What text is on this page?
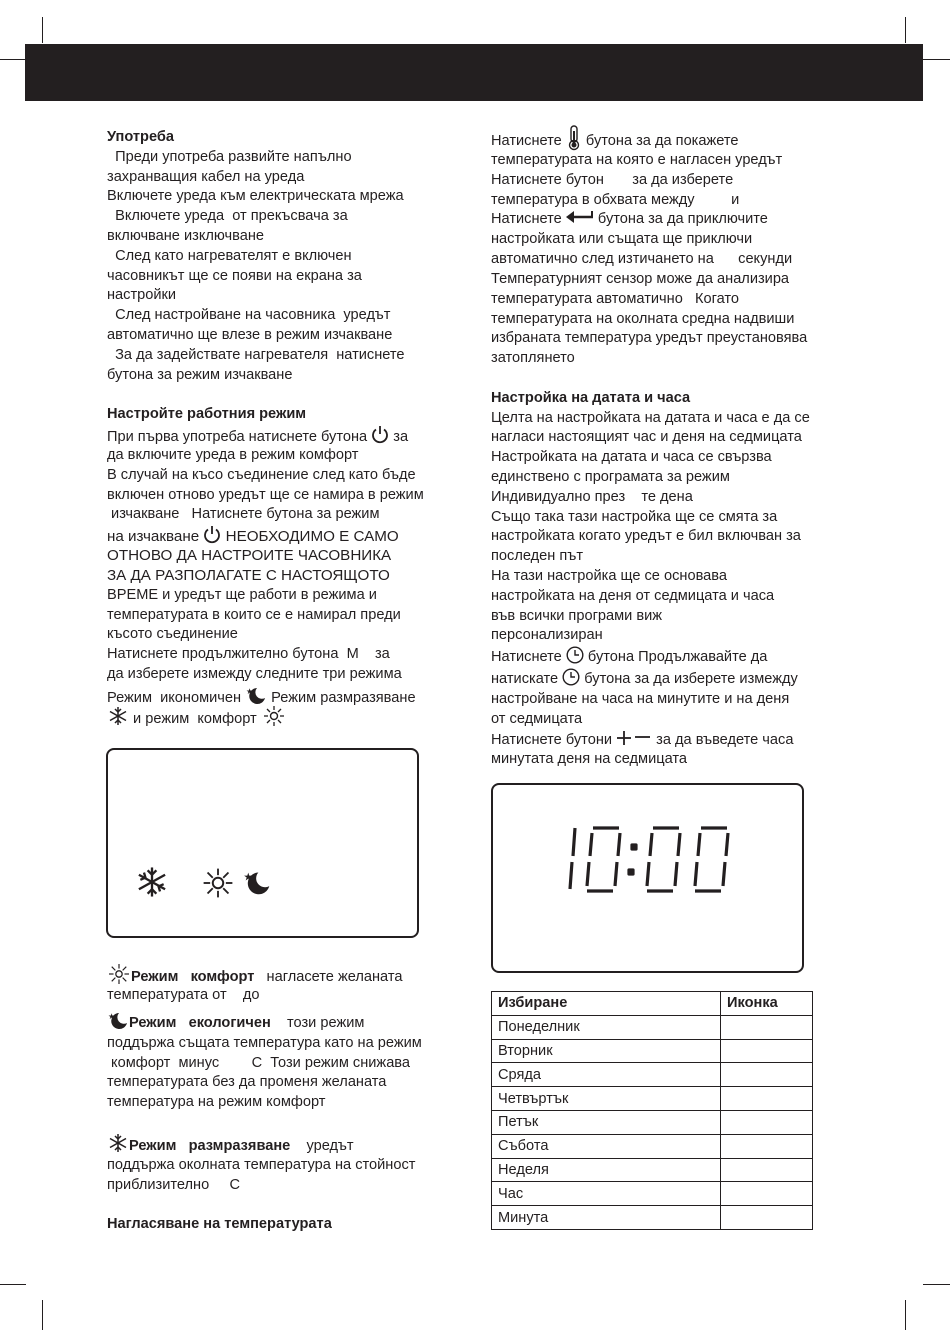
Употреба

Преди употреба развийте напълно

захранващия кабел на уреда

Включете уреда към електрическата мрежа

Включете уреда  от прекъсвача за

включване изключване

След като нагревателят е включен

часовникът ще се появи на екрана за

настройки

След настройване на часовника  уредът

автоматично ще влезе в режим изчакване

За да задействате нагревателя  натиснете

бутона за режим изчакване

Настройте работния режим

При първа употреба натиснете бутона  за

да включите уреда в режим комфорт

В случай на късо съединение след като бъде

включен отново уредът ще се намира в режим

изчакване   Натиснете бутона за режим

на изчакване  НЕОБХОДИМО Е САМО

ОТНОВО ДА НАСТРОИТЕ ЧАСОВНИКА

ЗА ДА РАЗПОЛАГАТЕ С НАСТОЯЩОТО

ВРЕМЕ и уредът ще работи в режима и

температурата в които се е намирал преди

късото съединение

Натиснете продължително бутона  M    за

да изберете измежду следните три режима

Режим  икономичен ★ Режим размразяване

и режим  комфорт

★

Режим   комфорт   нагласете желаната

температурата от    до

★ Режим   екологичен    този режим

поддържа същата температура като на режим

комфорт  минус        C  Този режим снижава

температурата без да променя желаната

температура на режим комфорт

Режим   размразяване    уредът

поддържа околната температура на стойност

приблизително     C

Нагласяване на температурата

Натиснете  бутона за да покажете

температурата на която е нагласен уредът

Натиснете бутон       за да изберете

температура в обхвата между         и

Натиснете  бутона за да приключите

настройката или същата ще приключи

автоматично след изтичането на      секунди

Температурният сензор може да анализира

температурата автоматично   Когато

температурата на околната средна надвиши

избраната температура уредът преустановява

затоплянето

Настройка на датата и часа

Целта на настройката на датата и часа е да се

нагласи настоящият час и деня на седмицата

Настройката на датата и часа се свързва

единствено с програмата за режим

Индивидуално през    те дена

Също така тази настройка ще се смята за

настройката когато уредът е бил включван за

последен път

На тази настройка ще се основава

настройката на деня от седмицата и часа

във всички програми виж

персонализиран

Натиснете  бутона Продължавайте да

натискате  бутона за да изберете измежду

настройване на часа на минутите и на деня

от седмицата

Натиснете бутони  за да въведете часа

минутата деня на седмицата

Избиране	Иконка
Понеделник	
Вторник	
Сряда	
Четвъртък	
Петък	
Събота	
Неделя	
Час	
Минута	
